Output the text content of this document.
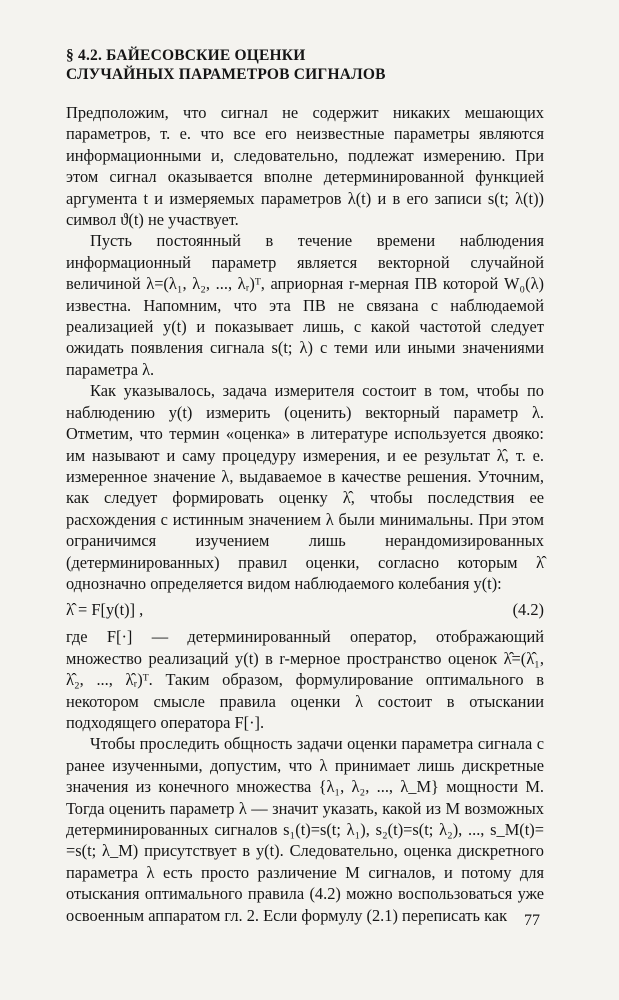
§ 4.2. БАЙЕСОВСКИЕ ОЦЕНКИ
СЛУЧАЙНЫХ ПАРАМЕТРОВ СИГНАЛОВ

Предположим, что сигнал не содержит никаких мешающих параметров, т. е. что все его неизвестные параметры являются информационными и, следовательно, подлежат измерению. При этом сигнал оказывается вполне детерминированной функцией аргумента t и измеряемых параметров λ(t) и в его записи s(t; λ(t)) символ ϑ(t) не участвует.

Пусть постоянный в течение времени наблюдения информационный параметр является векторной случайной величиной λ=(λ₁, λ₂, ..., λᵣ)ᵀ, априорная r-мерная ПВ которой W₀(λ) известна. Напомним, что эта ПВ не связана с наблюдаемой реализацией y(t) и показывает лишь, с какой частотой следует ожидать появления сигнала s(t; λ) с теми или иными значениями параметра λ.

Как указывалось, задача измерителя состоит в том, чтобы по наблюдению y(t) измерить (оценить) векторный параметр λ. Отметим, что термин «оценка» в литературе используется двояко: им называют и саму процедуру измерения, и ее результат λ̂, т. е. измеренное значение λ, выдаваемое в качестве решения. Уточним, как следует формировать оценку λ̂, чтобы последствия ее расхождения с истинным значением λ были минимальны. При этом ограничимся изучением лишь нерандомизированных (детерминированных) правил оценки, согласно которым λ̂ однозначно определяется видом наблюдаемого колебания y(t):

λ̂ = F[y(t)] ,	(4.2)

где F[·] — детерминированный оператор, отображающий множество реализаций y(t) в r-мерное пространство оценок λ̂=(λ̂₁, λ̂₂, ..., λ̂ᵣ)ᵀ. Таким образом, формулирование оптимального в некотором смысле правила оценки λ состоит в отыскании подходящего оператора F[·].

Чтобы проследить общность задачи оценки параметра сигнала с ранее изученными, допустим, что λ принимает лишь дискретные значения из конечного множества {λ₁, λ₂, ..., λ_M} мощности M. Тогда оценить параметр λ — значит указать, какой из M возможных детерминированных сигналов s₁(t)=s(t; λ₁), s₂(t)=s(t; λ₂), ..., s_M(t)= =s(t; λ_M) присутствует в y(t). Следовательно, оценка дискретного параметра λ есть просто различение M сигналов, и потому для отыскания оптимального правила (4.2) можно воспользоваться уже освоенным аппаратом гл. 2. Если формулу (2.1) переписать как	77
